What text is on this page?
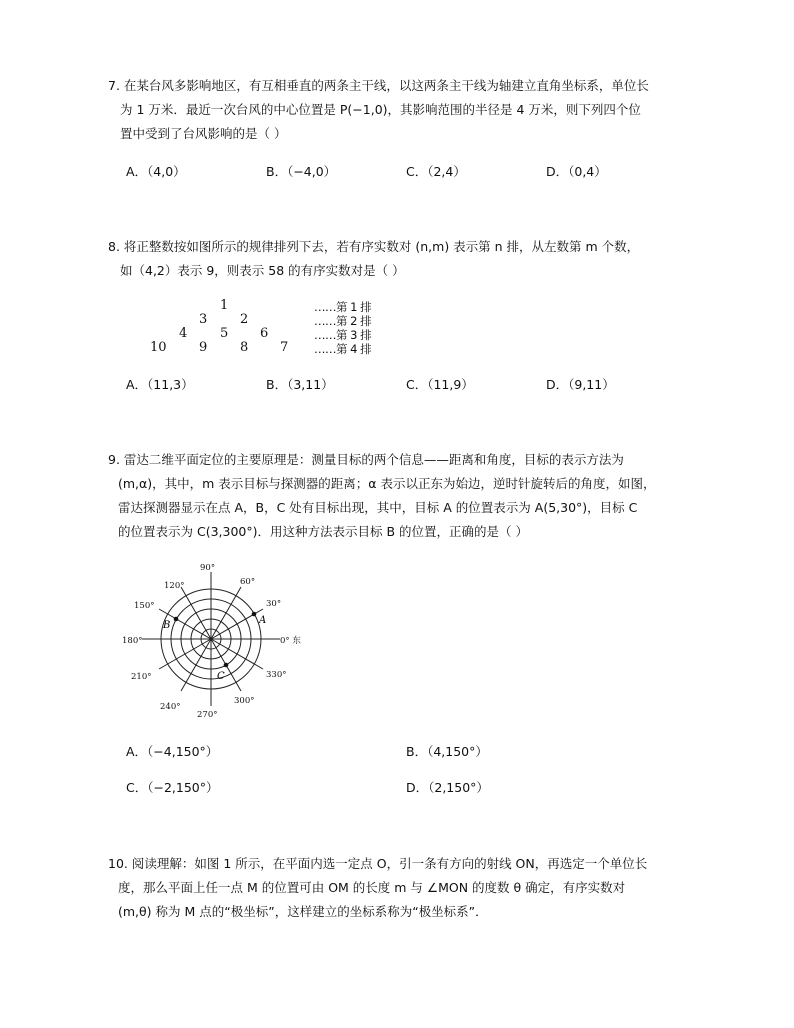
7. 在某台风多影响地区，有互相垂直的两条主干线，以这两条主干线为轴建立直角坐标系，单位长
为 1 万米．最近一次台风的中心位置是 P(−1,0)，其影响范围的半径是 4 万米，则下列四个位
置中受到了台风影响的是（ ）
A．（4,0）	B．（−4,0）	C．（2,4）	D．（0,4）
8. 将正整数按如图所示的规律排列下去，若有序实数对 (n,m) 表示第 n 排，从左数第 m 个数，
如（4,2）表示 9，则表示 58 的有序实数对是（ ）
1
3	2
4	5 6
10 9	8 7
……第 1 排
……第 2 排
……第 3 排
……第 4 排
A．（11,3）	B．（3,11）	C．（11,9）	D．（9,11）
9. 雷达二维平面定位的主要原理是：测量目标的两个信息——距离和角度，目标的表示方法为
(m,α)，其中，m 表示目标与探测器的距离；α 表示以正东为始边，逆时针旋转后的角度，如图，
雷达探测器显示在点 A，B，C 处有目标出现，其中，目标 A 的位置表示为 A(5,30°)，目标 C
的位置表示为 C(3,300°)．用这种方法表示目标 B 的位置，正确的是（ ）
A
B
C
90°
60°
30°
0° 东
330°
300°
270°
240°
210°
180°
150°
120°
A．（−4,150°）	B．（4,150°）
C．（−2,150°）	D．（2,150°）
10. 阅读理解：如图 1 所示，在平面内选一定点 O，引一条有方向的射线 ON，再选定一个单位长
度，那么平面上任一点 M 的位置可由 OM 的长度 m 与 ∠MON 的度数 θ 确定，有序实数对
(m,θ) 称为 M 点的“极坐标”，这样建立的坐标系称为“极坐标系”．
